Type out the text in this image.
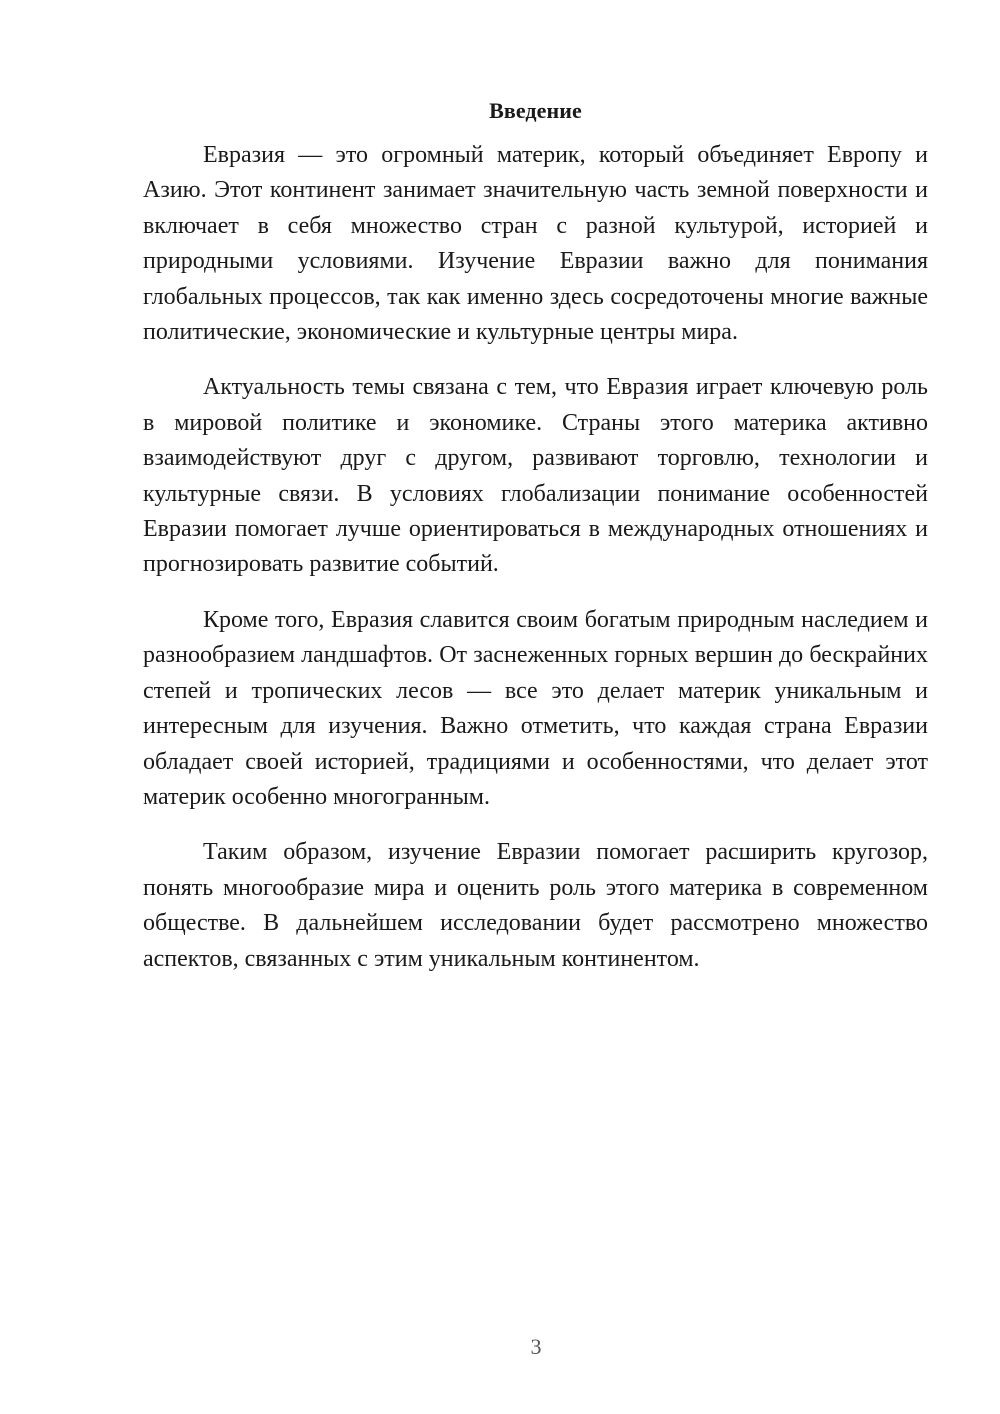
Введение

Евразия — это огромный материк, который объединяет Европу и Азию. Этот континент занимает значительную часть земной поверхности и включает в себя множество стран с разной культурой, историей и природными условиями. Изучение Евразии важно для понимания глобальных процессов, так как именно здесь сосредоточены многие важные политические, экономические и культурные центры мира.

Актуальность темы связана с тем, что Евразия играет ключевую роль в мировой политике и экономике. Страны этого материка активно взаимодействуют друг с другом, развивают торговлю, технологии и культурные связи. В условиях глобализации понимание особенностей Евразии помогает лучше ориентироваться в международных отношениях и прогнозировать развитие событий.

Кроме того, Евразия славится своим богатым природным наследием и разнообразием ландшафтов. От заснеженных горных вершин до бескрайних степей и тропических лесов — все это делает материк уникальным и интересным для изучения. Важно отметить, что каждая страна Евразии обладает своей историей, традициями и особенностями, что делает этот материк особенно многогранным.

Таким образом, изучение Евразии помогает расширить кругозор, понять многообразие мира и оценить роль этого материка в современном обществе. В дальнейшем исследовании будет рассмотрено множество аспектов, связанных с этим уникальным континентом.

3
